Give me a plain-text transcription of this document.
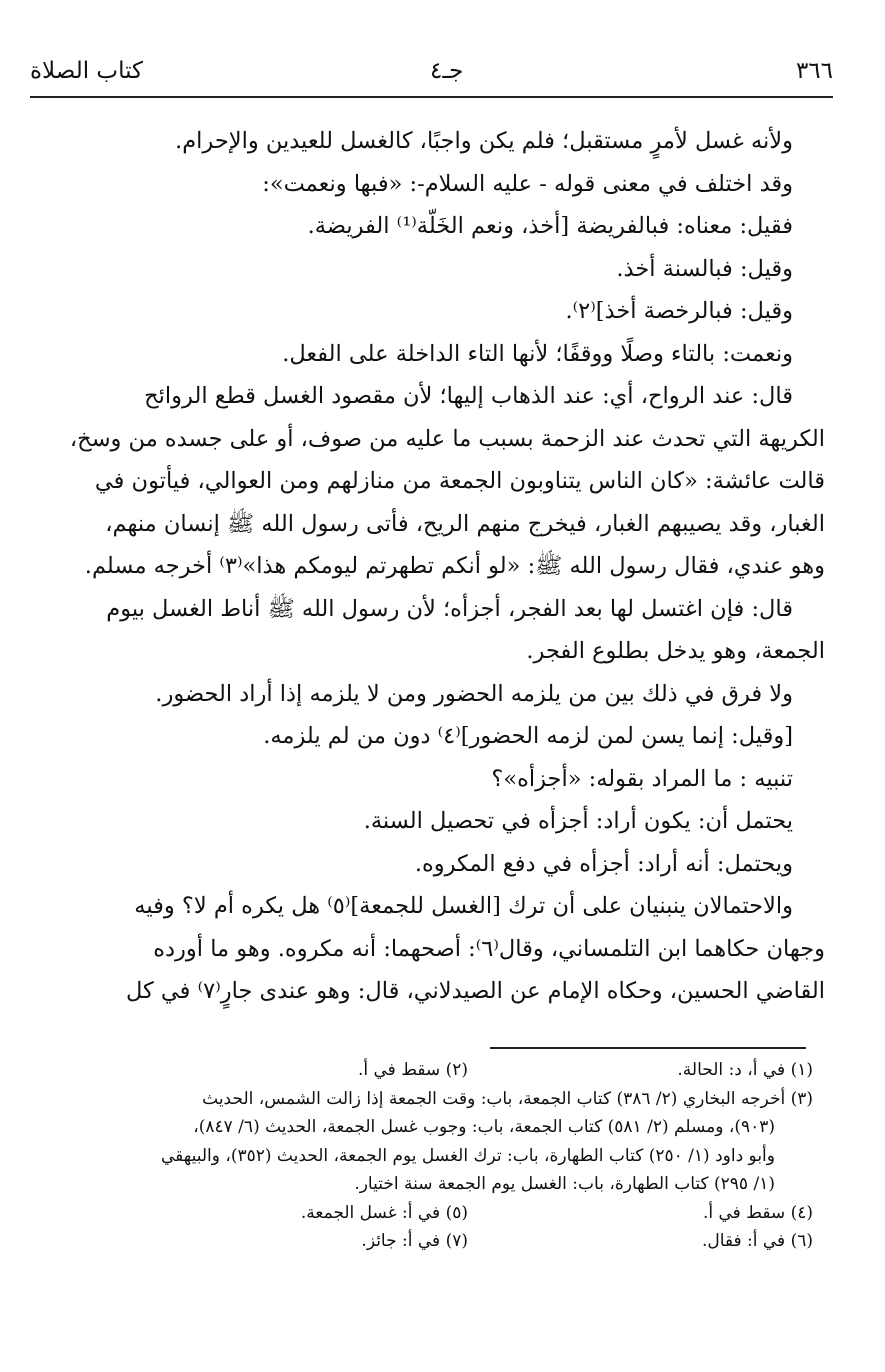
كتاب الصلاة	جـ٤	٣٦٦

ولأنه غسل لأمرٍ مستقبل؛ فلم يكن واجبًا، كالغسل للعيدين والإحرام.

وقد اختلف في معنى قوله - عليه السلام-: «فبها ونعمت»:

فقيل: معناه: فبالفريضة [أخذ، ونعم الخَلّة⁽¹⁾ الفريضة.

وقيل: فبالسنة أخذ.

وقيل: فبالرخصة أخذ]⁽٢⁾.

ونعمت: بالتاء وصلًا ووقفًا؛ لأنها التاء الداخلة على الفعل.

قال: عند الرواح، أي: عند الذهاب إليها؛ لأن مقصود الغسل قطع الروائح

الكريهة التي تحدث عند الزحمة بسبب ما عليه من صوف، أو على جسده من وسخ،

قالت عائشة: «كان الناس يتناوبون الجمعة من منازلهم ومن العوالي، فيأتون في

الغبار، وقد يصيبهم الغبار، فيخرج منهم الريح، فأتى رسول الله ﷺ إنسان منهم،

وهو عندي، فقال رسول الله ﷺ: «لو أنكم تطهرتم ليومكم هذا»⁽٣⁾ أخرجه مسلم.

قال: فإن اغتسل لها بعد الفجر، أجزأه؛ لأن رسول الله ﷺ أناط الغسل بيوم

الجمعة، وهو يدخل بطلوع الفجر.

ولا فرق في ذلك بين من يلزمه الحضور ومن لا يلزمه إذا أراد الحضور.

[وقيل: إنما يسن لمن لزمه الحضور]⁽٤⁾ دون من لم يلزمه.

تنبيه : ما المراد بقوله: «أجزأه»؟

يحتمل أن: يكون أراد: أجزأه في تحصيل السنة.

ويحتمل: أنه أراد: أجزأه في دفع المكروه.

والاحتمالان ينبنيان على أن ترك [الغسل للجمعة]⁽٥⁾ هل يكره أم لا؟ وفيه

وجهان حكاهما ابن التلمساني، وقال⁽٦⁾: أصحهما: أنه مكروه. وهو ما أورده

القاضي الحسين، وحكاه الإمام عن الصيدلاني، قال: وهو عندى جارٍ⁽٧⁾ في كل

(١) في أ، د: الحالة.
(٢) سقط في أ.

(٣) أخرجه البخاري (٢/ ٣٨٦) كتاب الجمعة، باب: وقت الجمعة إذا زالت الشمس، الحديث

(٩٠٣)، ومسلم (٢/ ٥٨١) كتاب الجمعة، باب: وجوب غسل الجمعة، الحديث (٦/ ٨٤٧)،

وأبو داود (١/ ٢٥٠) كتاب الطهارة، باب: ترك الغسل يوم الجمعة، الحديث (٣٥٢)، والبيهقي

(١/ ٢٩٥) كتاب الطهارة، باب: الغسل يوم الجمعة سنة اختيار.

(٤) سقط في أ.
(٥) في أ: غسل الجمعة.
(٦) في أ: فقال.
(٧) في أ: جائز.
